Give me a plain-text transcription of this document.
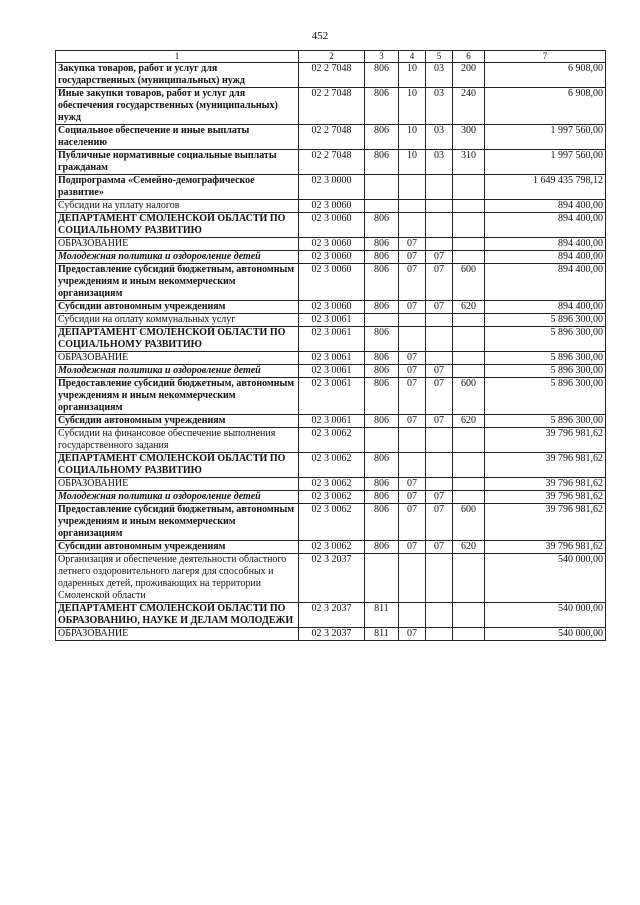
452
1	2	3	4	5	6	7
Закупка товаров, работ и услуг для государственных (муниципальных) нужд	02 2 7048	806	10	03	200	6 908,00
Иные закупки товаров, работ и услуг для обеспечения государственных (муниципальных) нужд	02 2 7048	806	10	03	240	6 908,00
Социальное обеспечение и иные выплаты населению	02 2 7048	806	10	03	300	1 997 560,00
Публичные нормативные социальные выплаты гражданам	02 2 7048	806	10	03	310	1 997 560,00
Подпрограмма «Семейно-демографическое развитие»	02 3 0000					1 649 435 798,12
Субсидии на уплату налогов	02 3 0060					894 400,00
ДЕПАРТАМЕНТ СМОЛЕНСКОЙ ОБЛАСТИ ПО СОЦИАЛЬНОМУ РАЗВИТИЮ	02 3 0060	806				894 400,00
ОБРАЗОВАНИЕ	02 3 0060	806	07			894 400,00
Молодежная политика и оздоровление детей	02 3 0060	806	07	07		894 400,00
Предоставление субсидий бюджетным, автономным учреждениям и иным некоммерческим организациям	02 3 0060	806	07	07	600	894 400,00
Субсидии автономным учреждениям	02 3 0060	806	07	07	620	894 400,00
Субсидии на оплату коммунальных услуг	02 3 0061					5 896 300,00
ДЕПАРТАМЕНТ СМОЛЕНСКОЙ ОБЛАСТИ ПО СОЦИАЛЬНОМУ РАЗВИТИЮ	02 3 0061	806				5 896 300,00
ОБРАЗОВАНИЕ	02 3 0061	806	07			5 896 300,00
Молодежная политика и оздоровление детей	02 3 0061	806	07	07		5 896 300,00
Предоставление субсидий бюджетным, автономным учреждениям и иным некоммерческим организациям	02 3 0061	806	07	07	600	5 896 300,00
Субсидии автономным учреждениям	02 3 0061	806	07	07	620	5 896 300,00
Субсидии на финансовое обеспечение выполнения государственного задания	02 3 0062					39 796 981,62
ДЕПАРТАМЕНТ СМОЛЕНСКОЙ ОБЛАСТИ ПО СОЦИАЛЬНОМУ РАЗВИТИЮ	02 3 0062	806				39 796 981,62
ОБРАЗОВАНИЕ	02 3 0062	806	07			39 796 981,62
Молодежная политика и оздоровление детей	02 3 0062	806	07	07		39 796 981,62
Предоставление субсидий бюджетным, автономным учреждениям и иным некоммерческим организациям	02 3 0062	806	07	07	600	39 796 981,62
Субсидии автономным учреждениям	02 3 0062	806	07	07	620	39 796 981,62
Организация и обеспечение деятельности областного летнего оздоровительного лагеря для способных и одаренных детей, проживающих на территории Смоленской области	02 3 2037					540 000,00
ДЕПАРТАМЕНТ СМОЛЕНСКОЙ ОБЛАСТИ ПО ОБРАЗОВАНИЮ, НАУКЕ И ДЕЛАМ МОЛОДЕЖИ	02 3 2037	811				540 000,00
ОБРАЗОВАНИЕ	02 3 2037	811	07			540 000,00
